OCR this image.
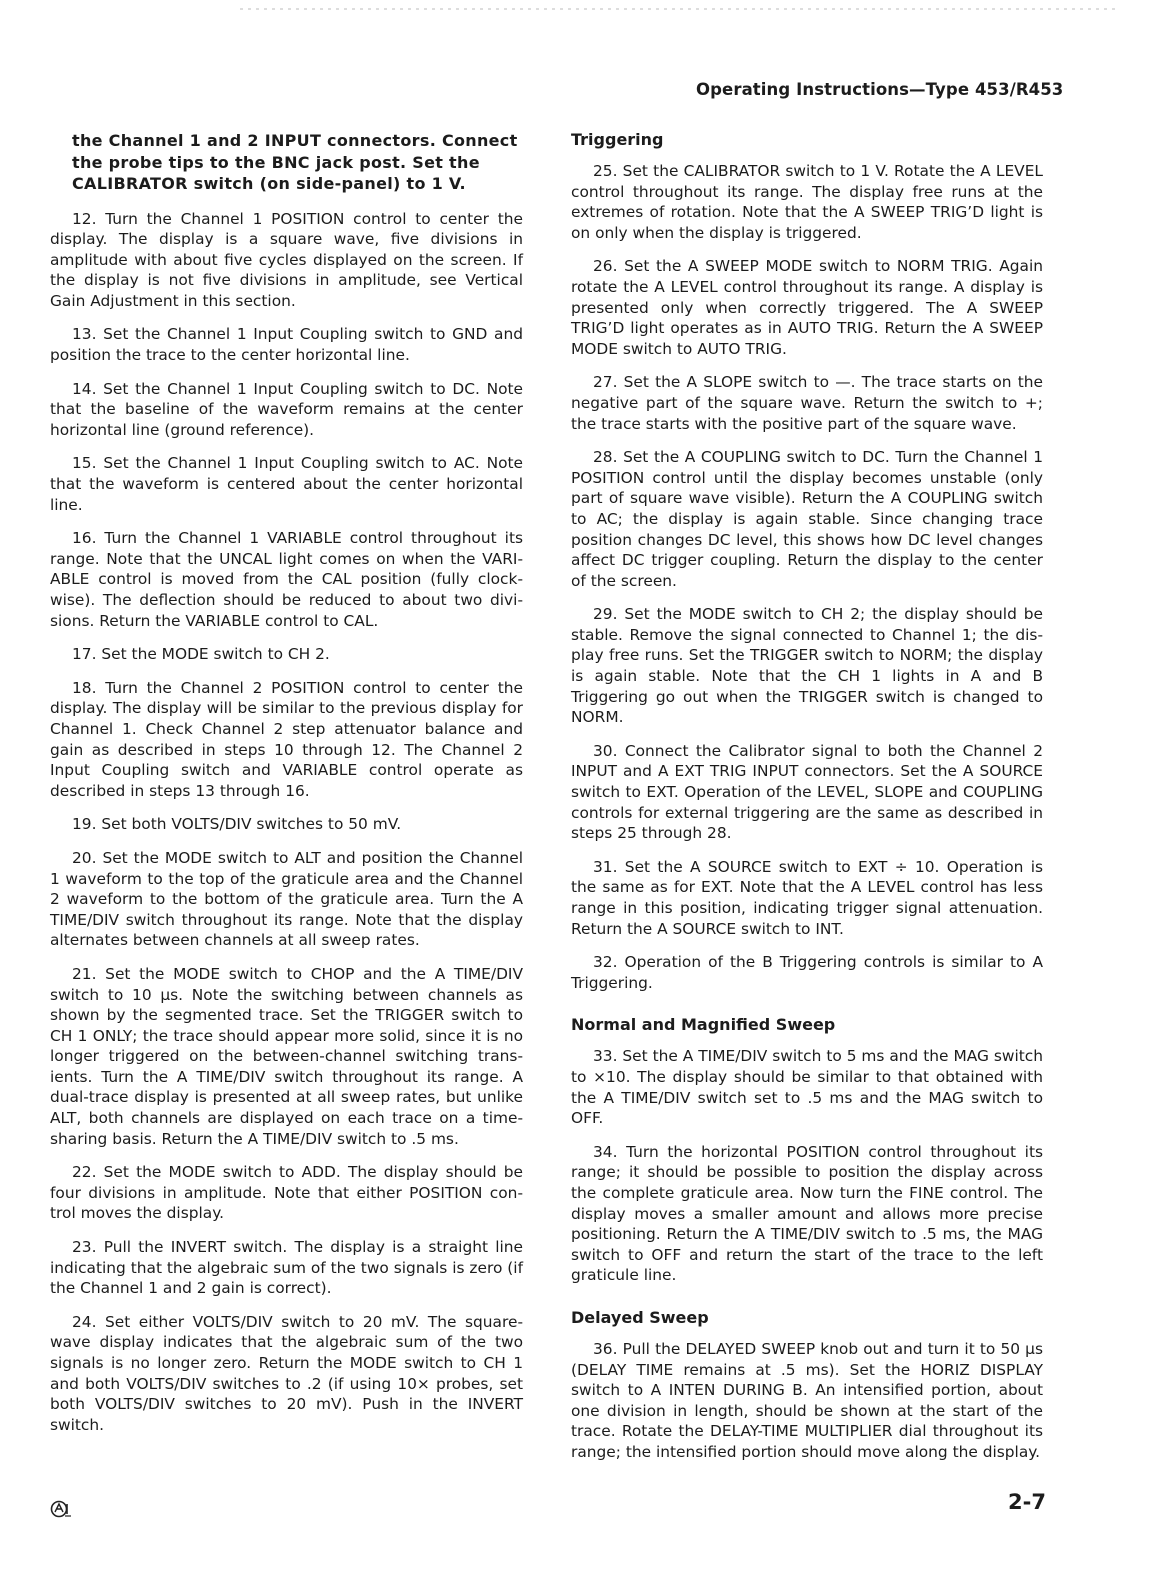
Operating Instructions—Type 453/R453
the Channel 1 and 2 INPUT connectors. Connect the probe tips to the BNC jack post. Set the CALIBRATOR switch (on side-panel) to 1 V.

12. Turn the Channel 1 POSITION control to center the display. The display is a square wave, five divisions in amplitude with about five cycles displayed on the screen. If the display is not five divisions in amplitude, see Vertical Gain Adjustment in this section.

13. Set the Channel 1 Input Coupling switch to GND and position the trace to the center horizontal line.

14. Set the Channel 1 Input Coupling switch to DC. Note that the baseline of the waveform remains at the center horizontal line (ground reference).

15. Set the Channel 1 Input Coupling switch to AC. Note that the waveform is centered about the center horizontal line.

16. Turn the Channel 1 VARIABLE control throughout its range. Note that the UNCAL light comes on when the VARIABLE control is moved from the CAL position (fully clockwise). The deflection should be reduced to about two divisions. Return the VARIABLE control to CAL.

17. Set the MODE switch to CH 2.

18. Turn the Channel 2 POSITION control to center the display. The display will be similar to the previous display for Channel 1. Check Channel 2 step attenuator balance and gain as described in steps 10 through 12. The Channel 2 Input Coupling switch and VARIABLE control operate as described in steps 13 through 16.

19. Set both VOLTS/DIV switches to 50 mV.

20. Set the MODE switch to ALT and position the Channel 1 waveform to the top of the graticule area and the Channel 2 waveform to the bottom of the graticule area. Turn the A TIME/DIV switch throughout its range. Note that the display alternates between channels at all sweep rates.

21. Set the MODE switch to CHOP and the A TIME/DIV switch to 10 μs. Note the switching between channels as shown by the segmented trace. Set the TRIGGER switch to CH 1 ONLY; the trace should appear more solid, since it is no longer triggered on the between-channel switching transients. Turn the A TIME/DIV switch throughout its range. A dual-trace display is presented at all sweep rates, but unlike ALT, both channels are displayed on each trace on a time-sharing basis. Return the A TIME/DIV switch to .5 ms.

22. Set the MODE switch to ADD. The display should be four divisions in amplitude. Note that either POSITION control moves the display.

23. Pull the INVERT switch. The display is a straight line indicating that the algebraic sum of the two signals is zero (if the Channel 1 and 2 gain is correct).

24. Set either VOLTS/DIV switch to 20 mV. The square-wave display indicates that the algebraic sum of the two signals is no longer zero. Return the MODE switch to CH 1 and both VOLTS/DIV switches to .2 (if using 10× probes, set both VOLTS/DIV switches to 20 mV). Push in the INVERT switch.

Triggering

25. Set the CALIBRATOR switch to 1 V. Rotate the A LEVEL control throughout its range. The display free runs at the extremes of rotation. Note that the A SWEEP TRIG’D light is on only when the display is triggered.

26. Set the A SWEEP MODE switch to NORM TRIG. Again rotate the A LEVEL control throughout its range. A display is presented only when correctly triggered. The A SWEEP TRIG’D light operates as in AUTO TRIG. Return the A SWEEP MODE switch to AUTO TRIG.

27. Set the A SLOPE switch to —. The trace starts on the negative part of the square wave. Return the switch to +; the trace starts with the positive part of the square wave.

28. Set the A COUPLING switch to DC. Turn the Channel 1 POSITION control until the display becomes unstable (only part of square wave visible). Return the A COUPLING switch to AC; the display is again stable. Since changing trace position changes DC level, this shows how DC level changes affect DC trigger coupling. Return the display to the center of the screen.

29. Set the MODE switch to CH 2; the display should be stable. Remove the signal connected to Channel 1; the display free runs. Set the TRIGGER switch to NORM; the display is again stable. Note that the CH 1 lights in A and B Triggering go out when the TRIGGER switch is changed to NORM.

30. Connect the Calibrator signal to both the Channel 2 INPUT and A EXT TRIG INPUT connectors. Set the A SOURCE switch to EXT. Operation of the LEVEL, SLOPE and COUPLING controls for external triggering are the same as described in steps 25 through 28.

31. Set the A SOURCE switch to EXT ÷ 10. Operation is the same as for EXT. Note that the A LEVEL control has less range in this position, indicating trigger signal attenuation. Return the A SOURCE switch to INT.

32. Operation of the B Triggering controls is similar to A Triggering.

Normal and Magnified Sweep

33. Set the A TIME/DIV switch to 5 ms and the MAG switch to ×10. The display should be similar to that obtained with the A TIME/DIV switch set to .5 ms and the MAG switch to OFF.

34. Turn the horizontal POSITION control throughout its range; it should be possible to position the display across the complete graticule area. Now turn the FINE control. The display moves a smaller amount and allows more precise positioning. Return the A TIME/DIV switch to .5 ms, the MAG switch to OFF and return the start of the trace to the left graticule line.

Delayed Sweep

36. Pull the DELAYED SWEEP knob out and turn it to 50 μs (DELAY TIME remains at .5 ms). Set the HORIZ DISPLAY switch to A INTEN DURING B. An intensified portion, about one division in length, should be shown at the start of the trace. Rotate the DELAY-TIME MULTIPLIER dial throughout its range; the intensified portion should move along the display.

2-7
